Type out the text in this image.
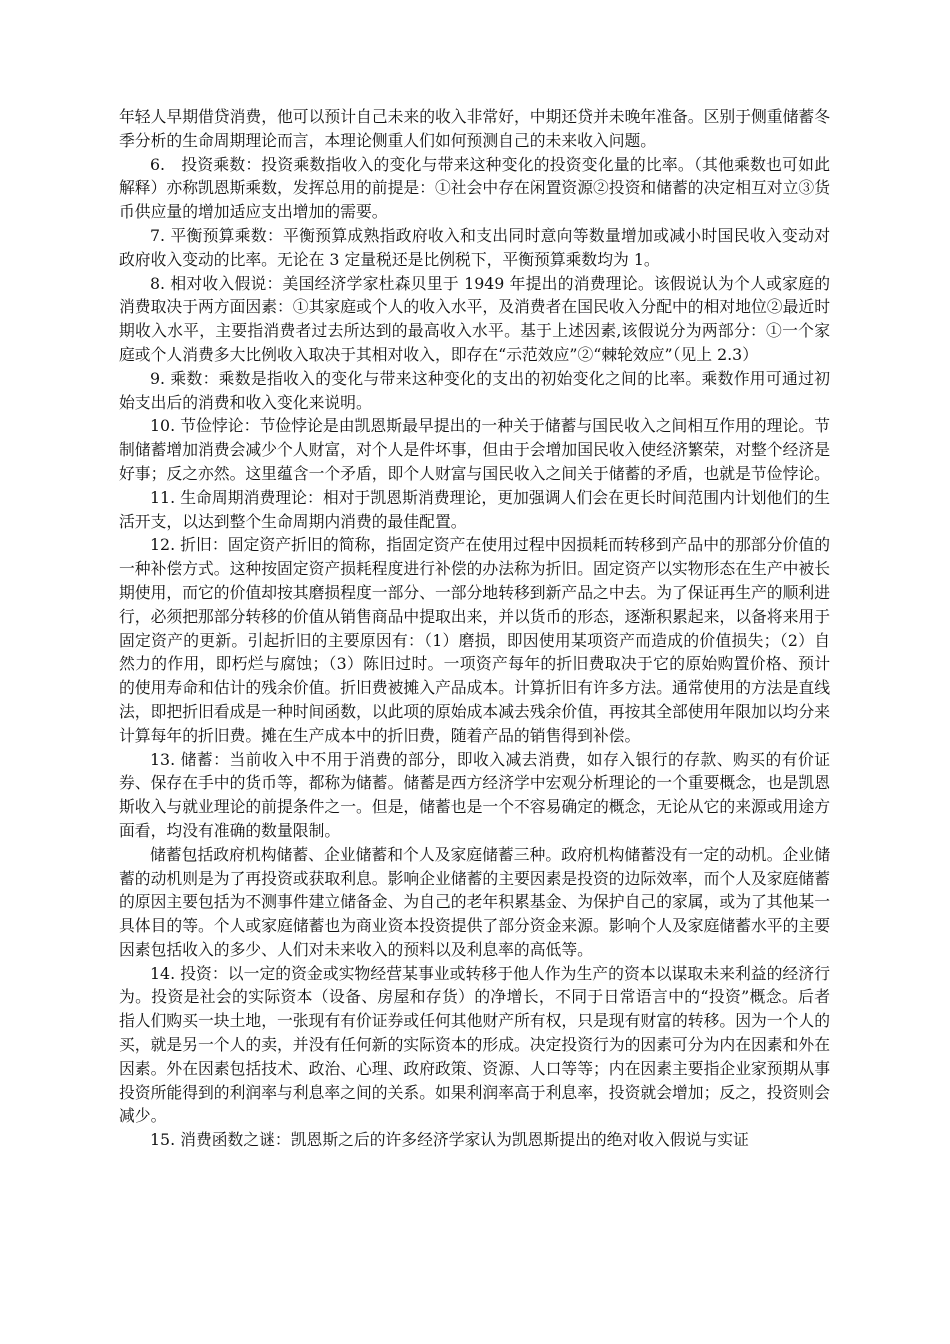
年轻人早期借贷消费，他可以预计自己未来的收入非常好，中期还贷并未晚年准备。区别于侧重储蓄冬季分析的生命周期理论而言，本理论侧重人们如何预测自己的未来收入问题。

6.　投资乘数：投资乘数指收入的变化与带来这种变化的投资变化量的比率。（其他乘数也可如此解释）亦称凯恩斯乘数，发挥总用的前提是：①社会中存在闲置资源②投资和储蓄的决定相互对立③货币供应量的增加适应支出增加的需要。

7. 平衡预算乘数：平衡预算成熟指政府收入和支出同时意向等数量增加或减小时国民收入变动对政府收入变动的比率。无论在 3 定量税还是比例税下，平衡预算乘数均为 1。

8. 相对收入假说：美国经济学家杜森贝里于 1949 年提出的消费理论。该假说认为个人或家庭的消费取决于两方面因素：①其家庭或个人的收入水平，及消费者在国民收入分配中的相对地位②最近时期收入水平，主要指消费者过去所达到的最高收入水平。基于上述因素,该假说分为两部分：①一个家庭或个人消费多大比例收入取决于其相对收入，即存在“示范效应”②“棘轮效应”（见上 2.3）

9. 乘数：乘数是指收入的变化与带来这种变化的支出的初始变化之间的比率。乘数作用可通过初始支出后的消费和收入变化来说明。

10. 节俭悖论：节俭悖论是由凯恩斯最早提出的一种关于储蓄与国民收入之间相互作用的理论。节制储蓄增加消费会减少个人财富，对个人是件坏事，但由于会增加国民收入使经济繁荣，对整个经济是好事；反之亦然。这里蕴含一个矛盾，即个人财富与国民收入之间关于储蓄的矛盾，也就是节俭悖论。

11. 生命周期消费理论：相对于凯恩斯消费理论，更加强调人们会在更长时间范围内计划他们的生活开支，以达到整个生命周期内消费的最佳配置。

12. 折旧：固定资产折旧的简称，指固定资产在使用过程中因损耗而转移到产品中的那部分价值的一种补偿方式。这种按固定资产损耗程度进行补偿的办法称为折旧。固定资产以实物形态在生产中被长期使用，而它的价值却按其磨损程度一部分、一部分地转移到新产品之中去。为了保证再生产的顺利进行，必须把那部分转移的价值从销售商品中提取出来，并以货币的形态，逐渐积累起来，以备将来用于固定资产的更新。引起折旧的主要原因有：（1）磨损，即因使用某项资产而造成的价值损失；（2）自然力的作用，即朽烂与腐蚀；（3）陈旧过时。一项资产每年的折旧费取决于它的原始购置价格、预计的使用寿命和估计的残余价值。折旧费被摊入产品成本。计算折旧有许多方法。通常使用的方法是直线法，即把折旧看成是一种时间函数，以此项的原始成本减去残余价值，再按其全部使用年限加以均分来计算每年的折旧费。摊在生产成本中的折旧费，随着产品的销售得到补偿。

13. 储蓄：当前收入中不用于消费的部分，即收入减去消费，如存入银行的存款、购买的有价证券、保存在手中的货币等，都称为储蓄。储蓄是西方经济学中宏观分析理论的一个重要概念，也是凯恩斯收入与就业理论的前提条件之一。但是，储蓄也是一个不容易确定的概念，无论从它的来源或用途方面看，均没有准确的数量限制。

储蓄包括政府机构储蓄、企业储蓄和个人及家庭储蓄三种。政府机构储蓄没有一定的动机。企业储蓄的动机则是为了再投资或获取利息。影响企业储蓄的主要因素是投资的边际效率，而个人及家庭储蓄的原因主要包括为不测事件建立储备金、为自己的老年积累基金、为保护自己的家属，或为了其他某一具体目的等。个人或家庭储蓄也为商业资本投资提供了部分资金来源。影响个人及家庭储蓄水平的主要因素包括收入的多少、人们对未来收入的预料以及利息率的高低等。

14. 投资：以一定的资金或实物经营某事业或转移于他人作为生产的资本以谋取未来利益的经济行为。投资是社会的实际资本（设备、房屋和存货）的净增长，不同于日常语言中的“投资”概念。后者指人们购买一块土地，一张现有有价证券或任何其他财产所有权，只是现有财富的转移。因为一个人的买，就是另一个人的卖，并没有任何新的实际资本的形成。决定投资行为的因素可分为内在因素和外在因素。外在因素包括技术、政治、心理、政府政策、资源、人口等等；内在因素主要指企业家预期从事投资所能得到的利润率与利息率之间的关系。如果利润率高于利息率，投资就会增加；反之，投资则会减少。

15. 消费函数之谜：凯恩斯之后的许多经济学家认为凯恩斯提出的绝对收入假说与实证
